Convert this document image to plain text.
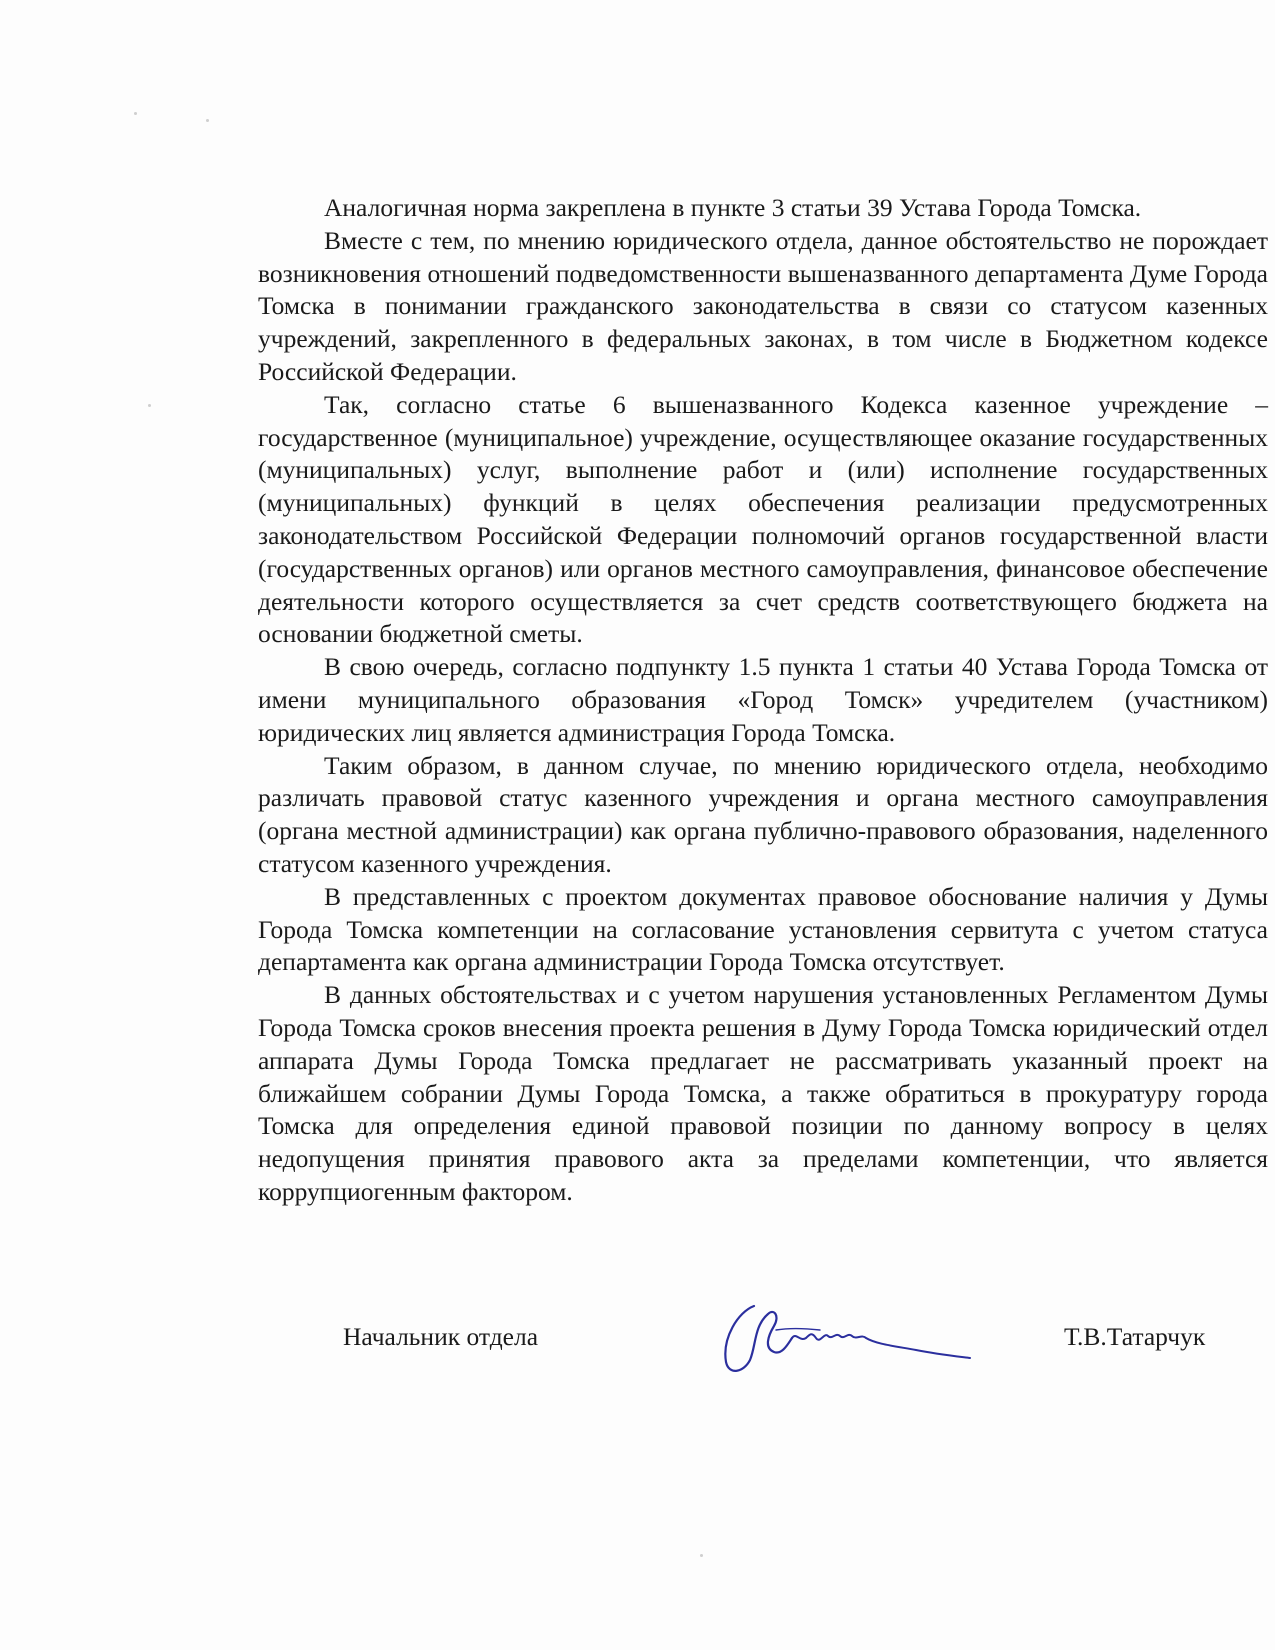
Аналогичная норма закреплена в пункте 3 статьи 39 Устава Города Томска.

Вместе с тем, по мнению юридического отдела, данное обстоятельство не порождает возникновения отношений подведомственности вышеназванного департамента Думе Города Томска в понимании гражданского законодательства в связи со статусом казенных учреждений, закрепленного в федеральных законах, в том числе в Бюджетном кодексе Российской Федерации.

Так, согласно статье 6 вышеназванного Кодекса казенное учреждение – государственное (муниципальное) учреждение, осуществляющее оказание государственных (муниципальных) услуг, выполнение работ и (или) исполнение государственных (муниципальных) функций в целях обеспечения реализации предусмотренных законодательством Российской Федерации полномочий органов государственной власти (государственных органов) или органов местного самоуправления, финансовое обеспечение деятельности которого осуществляется за счет средств соответствующего бюджета на основании бюджетной сметы.

В свою очередь, согласно подпункту 1.5 пункта 1 статьи 40 Устава Города Томска от имени муниципального образования «Город Томск» учредителем (участником) юридических лиц является администрация Города Томска.

Таким образом, в данном случае, по мнению юридического отдела, необходимо различать правовой статус казенного учреждения и органа местного самоуправления (органа местной администрации) как органа публично-правового образования, наделенного статусом казенного учреждения.

В представленных с проектом документах правовое обоснование наличия у Думы Города Томска компетенции на согласование установления сервитута с учетом статуса департамента как органа администрации Города Томска отсутствует.

В данных обстоятельствах и с учетом нарушения установленных Регламентом Думы Города Томска сроков внесения проекта решения в Думу Города Томска юридический отдел аппарата Думы Города Томска предлагает не рассматривать указанный проект на ближайшем собрании Думы Города Томска, а также обратиться в прокуратуру города Томска для определения единой правовой позиции по данному вопросу в целях недопущения принятия правового акта за пределами компетенции, что является коррупциогенным фактором.

Начальник отдела	Т.В.Татарчук
